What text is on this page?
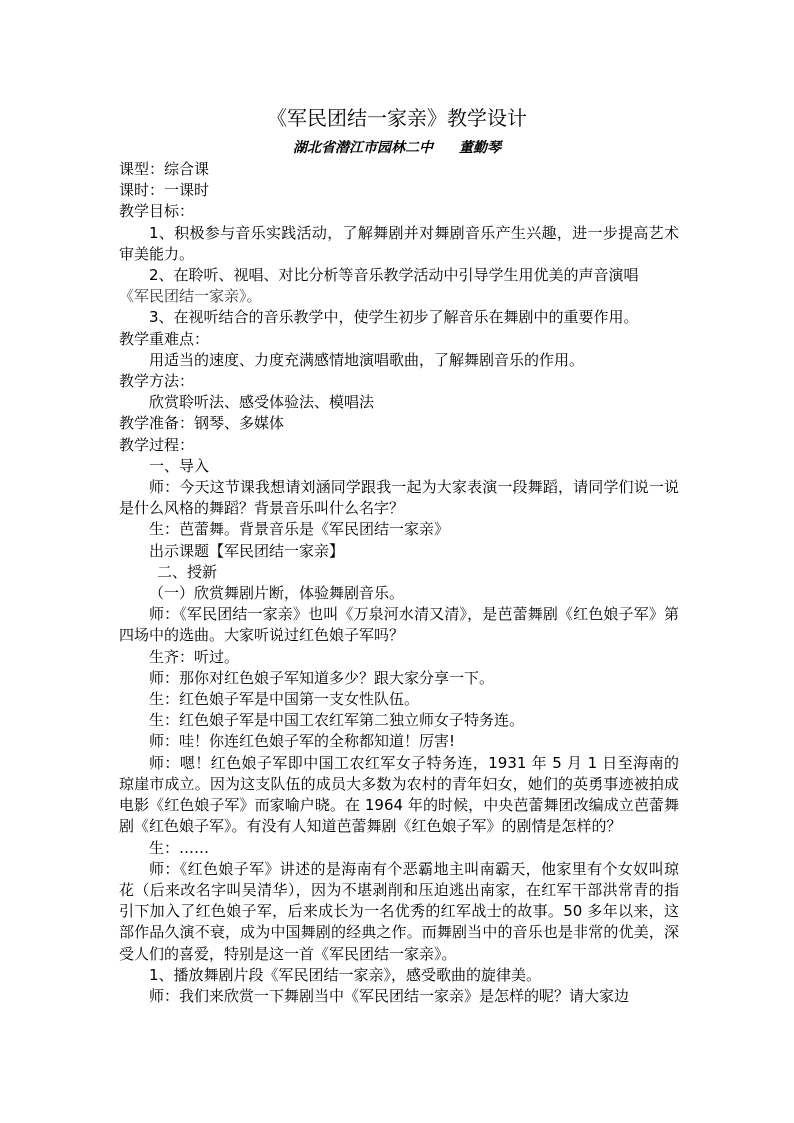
《军民团结一家亲》教学设计
湖北省潜江市园林二中 董勤琴

课型：综合课

课时：一课时

教学目标：

1、积极参与音乐实践活动，了解舞剧并对舞剧音乐产生兴趣，进一步提高艺术审美能力。

2、在聆听、视唱、对比分析等音乐教学活动中引导学生用优美的声音演唱

《军民团结一家亲》。

3、在视听结合的音乐教学中，使学生初步了解音乐在舞剧中的重要作用。

教学重难点：

用适当的速度、力度充满感情地演唱歌曲，了解舞剧音乐的作用。

教学方法：

欣赏聆听法、感受体验法、模唱法

教学准备：钢琴、多媒体

教学过程：

一、导入

师：今天这节课我想请刘涵同学跟我一起为大家表演一段舞蹈，请同学们说一说是什么风格的舞蹈？背景音乐叫什么名字？

生：芭蕾舞。背景音乐是《军民团结一家亲》

出示课题【军民团结一家亲】

二、授新

（一）欣赏舞剧片断，体验舞剧音乐。

师：《军民团结一家亲》也叫《万泉河水清又清》，是芭蕾舞剧《红色娘子军》第四场中的选曲。大家听说过红色娘子军吗？

生齐：听过。

师：那你对红色娘子军知道多少？跟大家分享一下。

生：红色娘子军是中国第一支女性队伍。

生：红色娘子军是中国工农红军第二独立师女子特务连。

师：哇！你连红色娘子军的全称都知道！厉害!

师：嗯！红色娘子军即中国工农红军女子特务连，1931 年 5 月 1 日至海南的琼崖市成立。因为这支队伍的成员大多数为农村的青年妇女，她们的英勇事迹被拍成电影《红色娘子军》而家喻户晓。在 1964 年的时候，中央芭蕾舞团改编成立芭蕾舞剧《红色娘子军》。有没有人知道芭蕾舞剧《红色娘子军》的剧情是怎样的？

生：……

师：《红色娘子军》讲述的是海南有个恶霸地主叫南霸天，他家里有个女奴叫琼花（后来改名字叫吴清华），因为不堪剥削和压迫逃出南家，在红军干部洪常青的指引下加入了红色娘子军，后来成长为一名优秀的红军战士的故事。50 多年以来，这部作品久演不衰，成为中国舞剧的经典之作。而舞剧当中的音乐也是非常的优美，深受人们的喜爱，特别是这一首《军民团结一家亲》。

1、播放舞剧片段《军民团结一家亲》，感受歌曲的旋律美。

师：我们来欣赏一下舞剧当中《军民团结一家亲》是怎样的呢？请大家边
